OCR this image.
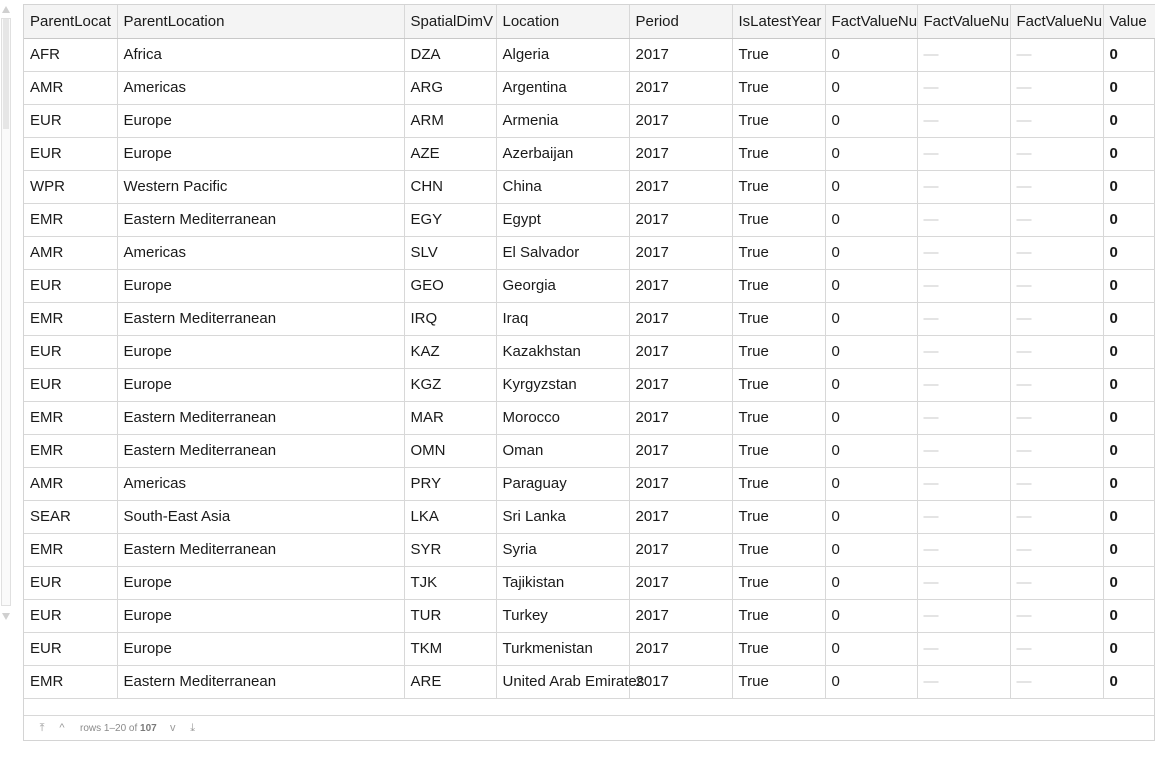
ParentLocat	ParentLocation	SpatialDimV	Location	Period	IsLatestYear	FactValueNu	FactValueNu	FactValueNu	Value
AFR	Africa	DZA	Algeria	2017	True	0	—	—	0
AMR	Americas	ARG	Argentina	2017	True	0	—	—	0
EUR	Europe	ARM	Armenia	2017	True	0	—	—	0
EUR	Europe	AZE	Azerbaijan	2017	True	0	—	—	0
WPR	Western Pacific	CHN	China	2017	True	0	—	—	0
EMR	Eastern Mediterranean	EGY	Egypt	2017	True	0	—	—	0
AMR	Americas	SLV	El Salvador	2017	True	0	—	—	0
EUR	Europe	GEO	Georgia	2017	True	0	—	—	0
EMR	Eastern Mediterranean	IRQ	Iraq	2017	True	0	—	—	0
EUR	Europe	KAZ	Kazakhstan	2017	True	0	—	—	0
EUR	Europe	KGZ	Kyrgyzstan	2017	True	0	—	—	0
EMR	Eastern Mediterranean	MAR	Morocco	2017	True	0	—	—	0
EMR	Eastern Mediterranean	OMN	Oman	2017	True	0	—	—	0
AMR	Americas	PRY	Paraguay	2017	True	0	—	—	0
SEAR	South-East Asia	LKA	Sri Lanka	2017	True	0	—	—	0
EMR	Eastern Mediterranean	SYR	Syria	2017	True	0	—	—	0
EUR	Europe	TJK	Tajikistan	2017	True	0	—	—	0
EUR	Europe	TUR	Turkey	2017	True	0	—	—	0
EUR	Europe	TKM	Turkmenistan	2017	True	0	—	—	0
EMR	Eastern Mediterranean	ARE	United Arab Emirates	2017	True	0	—	—	0
⤒	^	rows 1–20 of 107	v	⤓
